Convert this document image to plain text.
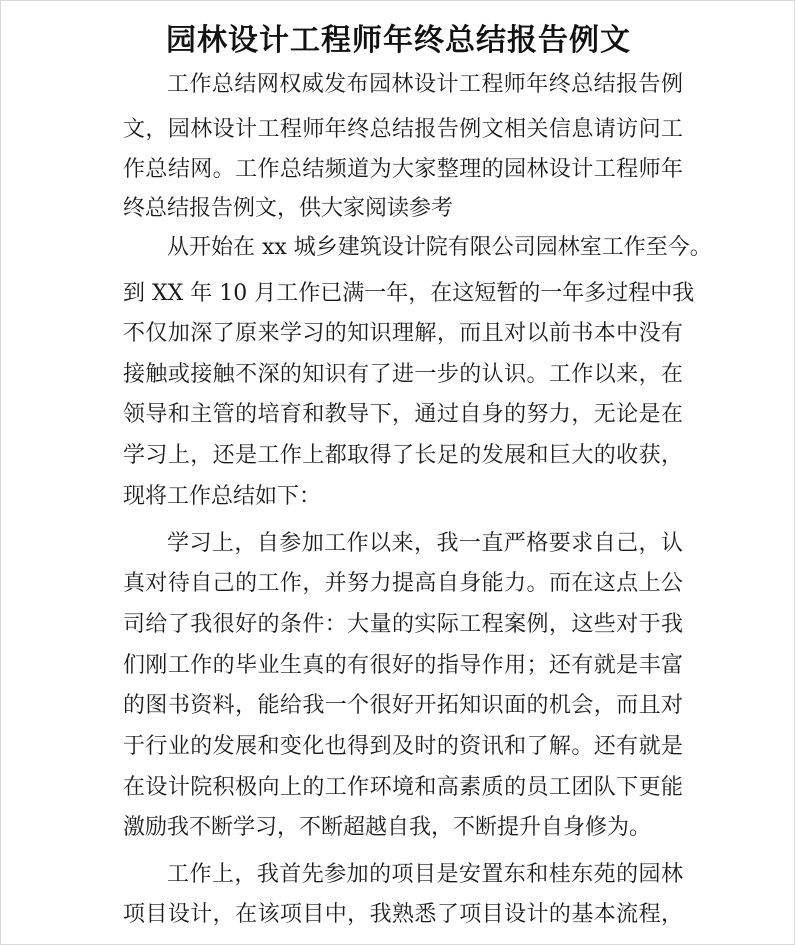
园林设计工程师年终总结报告例文
工作总结网权威发布园林设计工程师年终总结报告例
文，园林设计工程师年终总结报告例文相关信息请访问工
作总结网。工作总结频道为大家整理的园林设计工程师年
终总结报告例文，供大家阅读参考
从开始在 xx 城乡建筑设计院有限公司园林室工作至今。
到 XX 年 10 月工作已满一年，在这短暂的一年多过程中我
不仅加深了原来学习的知识理解，而且对以前书本中没有
接触或接触不深的知识有了进一步的认识。工作以来，在
领导和主管的培育和教导下，通过自身的努力，无论是在
学习上，还是工作上都取得了长足的发展和巨大的收获，
现将工作总结如下：
学习上，自参加工作以来，我一直严格要求自己，认
真对待自己的工作，并努力提高自身能力。而在这点上公
司给了我很好的条件：大量的实际工程案例，这些对于我
们刚工作的毕业生真的有很好的指导作用；还有就是丰富
的图书资料，能给我一个很好开拓知识面的机会，而且对
于行业的发展和变化也得到及时的资讯和了解。还有就是
在设计院积极向上的工作环境和高素质的员工团队下更能
激励我不断学习，不断超越自我，不断提升自身修为。
工作上，我首先参加的项目是安置东和桂东苑的园林
项目设计，在该项目中，我熟悉了项目设计的基本流程，
